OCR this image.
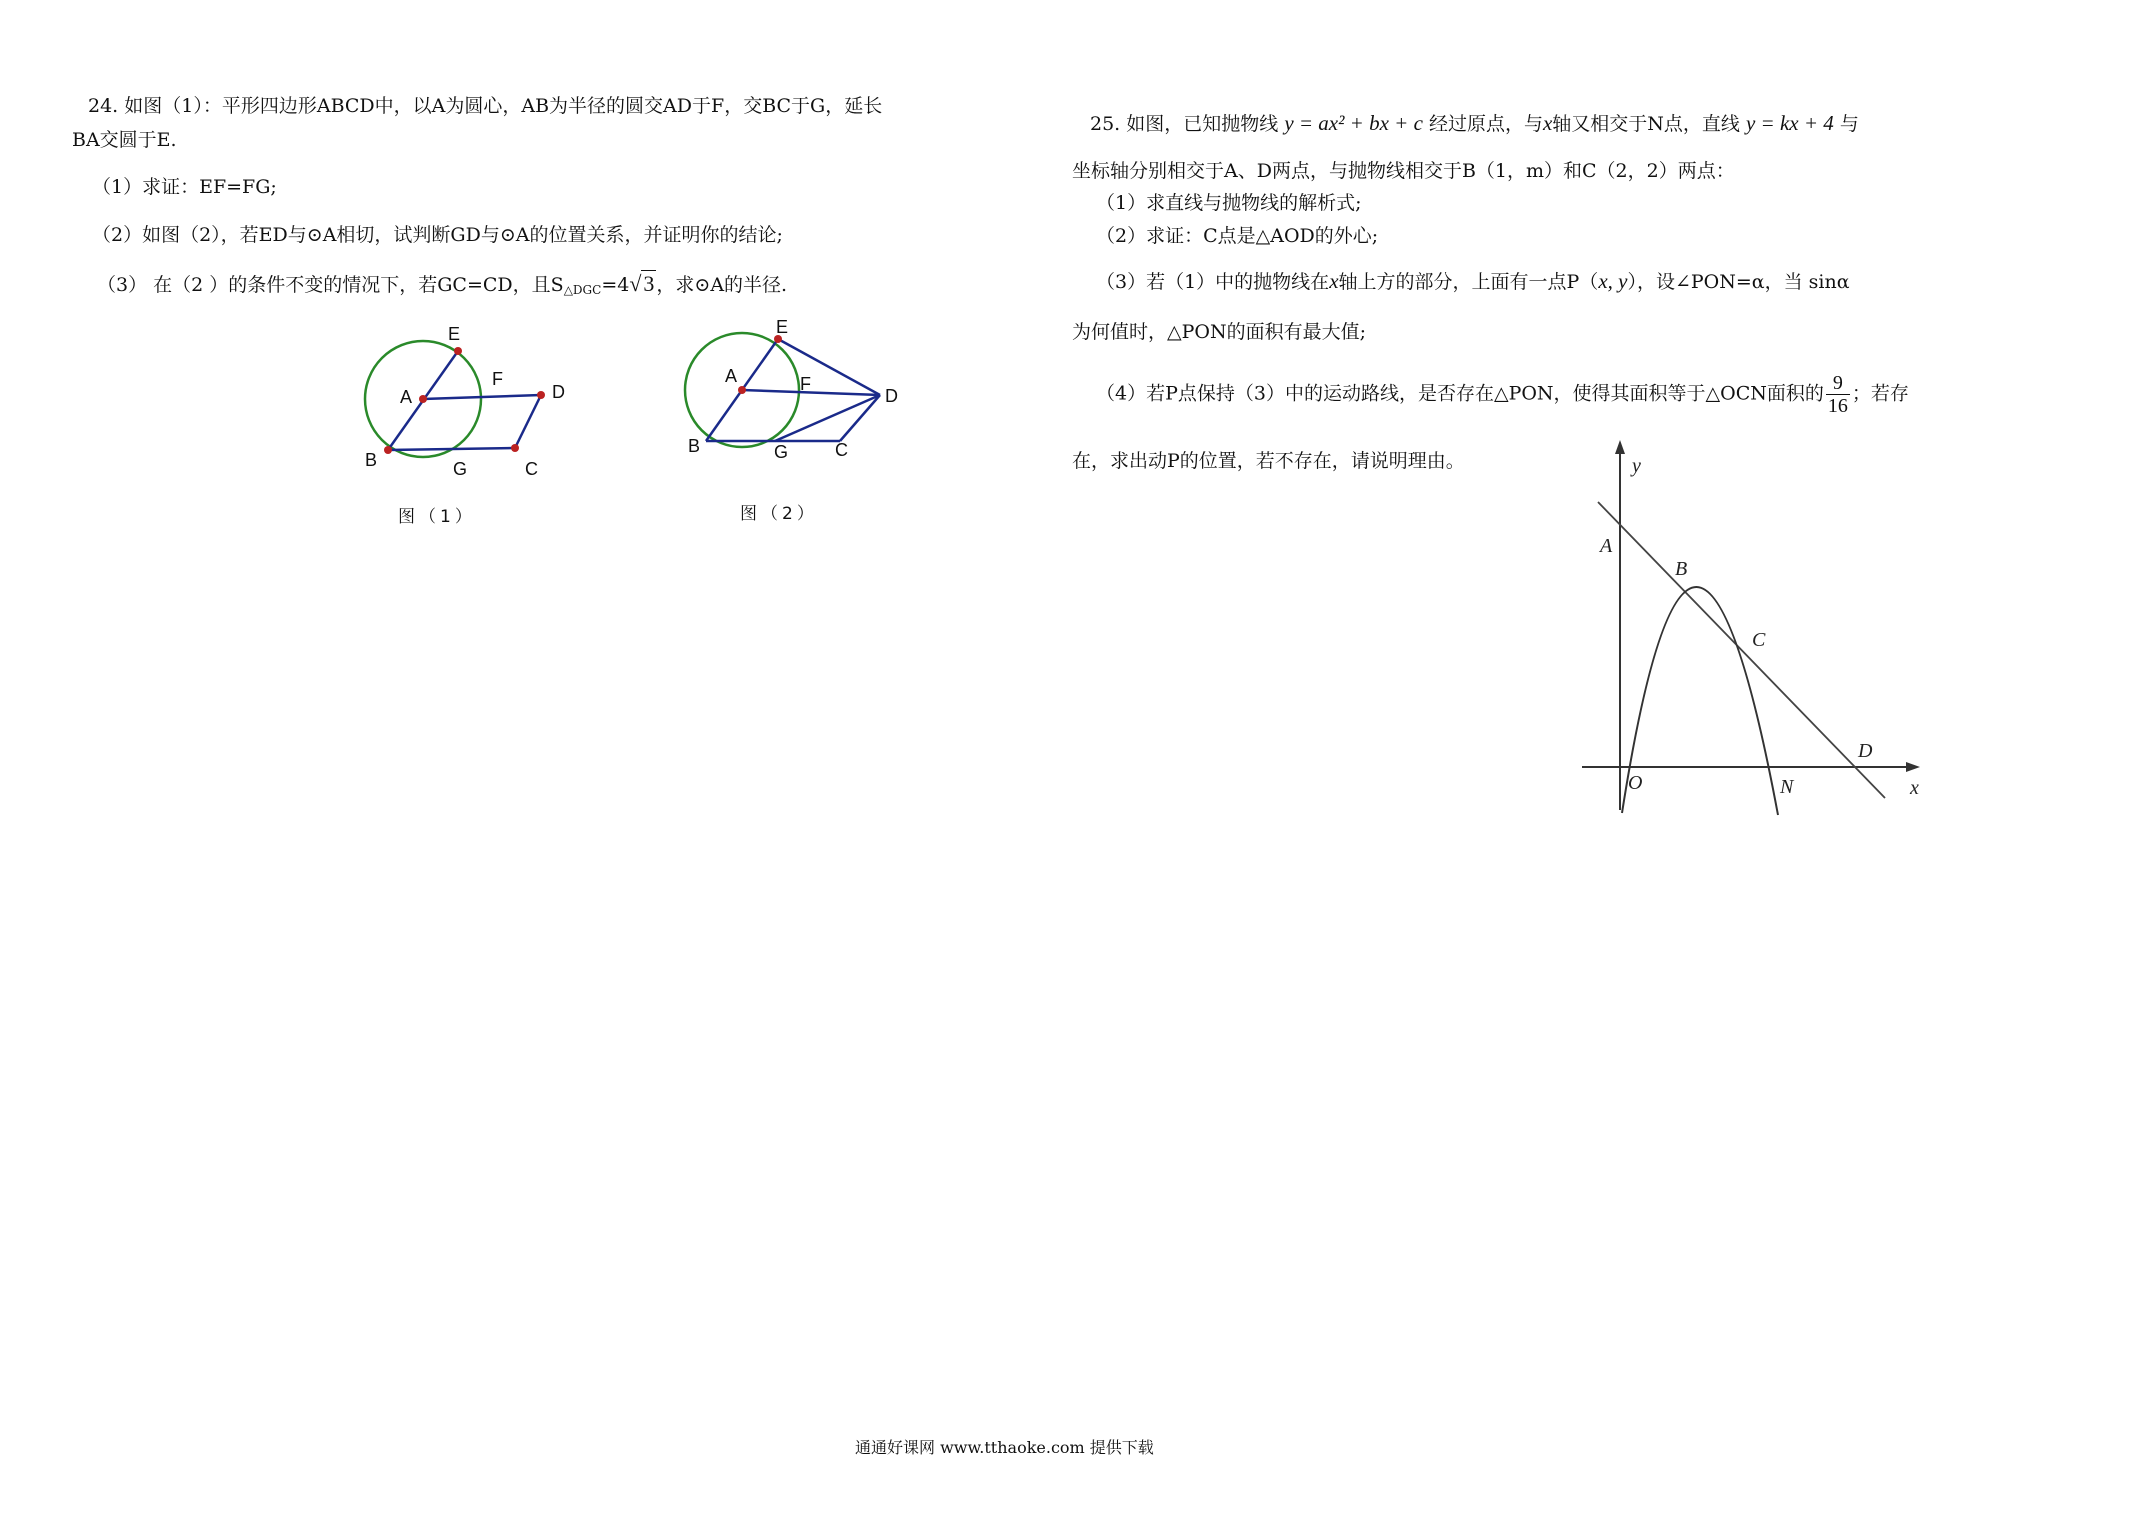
24. 如图（1）：平形四边形ABCD中，以A为圆心，AB为半径的圆交AD于F，交BC于G，延长
BA交圆于E.
（1）求证：EF=FG;
（2）如图（2），若ED与⊙A相切，试判断GD与⊙A的位置关系，并证明你的结论;
（3） 在（2 ）的条件不变的情况下，若GC=CD，且$S_{\triangle DGC}=4√3$ ，求⊙A的半径.
E
A
F
D
B	G	C
图（1）
E
A	F
D
B	G	C
图（2）
25. 如图，已知抛物线 y = ax² + bx + c 经过原点，与x轴又相交于N点，直线 y = kx + 4 与
坐标轴分别相交于A、D两点，与抛物线相交于B（1，m）和C（2，2）两点：
（1）求直线与抛物线的解析式;
（2）求证：C点是△AOD的外心;
（3）若（1）中的抛物线在x轴上方的部分，上面有一点P（x, y），设∠PON=α，当 sinα
为何值时，△PON的面积有最大值;
（4）若P点保持（3）中的运动路线，是否存在△PON，使得其面积等于△OCN面积的 $\frac{9}{16}$ ；若存
在，求出动P的位置，若不存在，请说明理由。	y
A
B
C
D
O	N	x
通通好课网 www.tthaoke.com 提供下载
